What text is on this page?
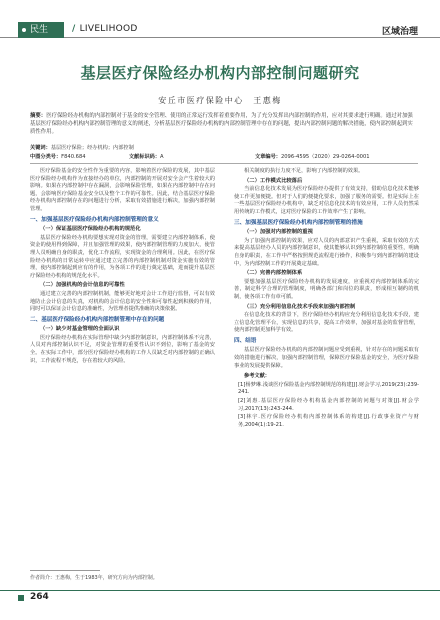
民生	/ LIVELIHOOD	区域治理
基层医疗保险经办机构内部控制问题研究
安丘市医疗保险中心　王惠梅
摘要：医疗保险经办机构的内部控制对于基金的安全管理、使用的正常运行发挥着重要作用，为了充分发挥出内部控制的作用，应对其要求进行明确。通过对加强基层医疗保险经办机构内部控制管理的意义的阐述，分析基层医疗保险经办机构的内部控制管理中存在的问题，提出内部控制问题的解决措施，使内部控制起到实质性作用。
关键词：基层医疗保险；经办机构；内部控制
中图分类号：F840.684	文献标识码：A	文章编号：2096-4595（2020）29-0264-0001

医疗保险基金的安全性作为重要的内容，影响着医疗保险的发展，其中基层医疗保险经办机构作为直接经办的单位，内部控制的开展对安全会产生着较大的影响。如果在内部控制中存在漏洞，会影响保险管理，如果在内部控制中存在问题，会影响医疗保险基金安全以及整个工作的可靠性。因此，结合基层医疗保险经办机构内部控制存在的问题进行分析，采取有效措施进行解决，加强内部控制管理。

一、加强基层医疗保险经办机构内部控制管理的意义
（一）保证基层医疗保险经办机构的规范化

基层医疗保险经办机构要想实现对资金的管理，需要建立内部控制体系，使资金的使用得到保障，并且加强管理的效果，使内部控制管理的力度加大，使管理人员明确自身的职责，优化工作流程，实现资金的合理利用。因此，在医疗保险经办机构的日常运转中应通过建立完善的内部控制机制对资金实施有效的管理，使内部控制起到应有的作用，为各项工作的进行奠定基础，进而提升基层医疗保险经办机构的规范化水平。

（二）加强机构的会计信息的可靠性

通过建立完善的内部控制机制，能够更好地对会计工作进行监督，可以有效地防止会计信息的失真，对机构的会计信息的安全性和可靠性起到积极的作用，同时可以保证会计信息的准确性，为管理者提供准确的决策依据。

二、基层医疗保险经办机构内部控制管理中存在的问题
（一）缺少对基金管理的全面认识

医疗保险经办机构在实际管理中缺少内部控制意识，内部控制体系不完善，人员对内部控制认识不足，对资金管理的重要性认识不到位，影响了基金的安全。在实际工作中，部分医疗保险经办机构的工作人员缺乏对内部控制的正确认识，工作流程不规范，存在着较大的风险。

相关制度的执行力度不足，影响了内部控制的效果。

（二）工作模式比较落后

当前信息化技术发展为医疗保险经办提供了有效支持，借助信息化技术能够使工作更加便捷。但对于人们的便捷化要求，加强了服务的需要。但是实际上在一些基层医疗保险经办机构中，缺乏对信息化技术的有效应用，工作人员仍然采用传统的工作模式，这对医疗保险的工作效率产生了影响。

三、加强基层医疗保险经办机构内部控制管理的措施
（一）加强对内部控制的重视

为了加强内部控制的效果，应对人员的内部意识产生重视，采取有效的方式来提高基层经办人员的内部控制意识，使其能够认识到内部控制的重要性，明确自身的职责，在工作中严格按照规范流程进行操作，积极参与到内部控制的建设中，为内部控制工作的开展奠定基础。

（二）完善内部控制体系

要想加强基层医疗保险经办机构的发展速度，应重视对内部控制体系的完善，制定科学合理的管理制度，明确各部门和岗位的职责，形成相互制约的机制，使各项工作有章可循。

（三）充分利用信息化技术手段来加强内部控制

在信息化技术的背景下，医疗保险经办机构应充分利用信息化技术手段，建立信息化管理平台，实现信息的共享，提高工作效率，加强对基金的监督管理，使内部控制更加科学有效。

四、结语

基层医疗保险经办机构的内部控制问题应受到重视，针对存在的问题采取有效的措施进行解决，加强内部控制管理，保障医疗保险基金的安全，为医疗保险事业的发展提供保障。

参考文献：

[1]杨梦琳.浅谈医疗保险基金内部控制规范的构建[J].财会学习,2019(23):239-241.

[2]刘惠.基层医疗保险经办机构基金内部控制的问题与对策[J].财会学习,2017(13):243-244.

[3]林宇.医疗保险经办机构内部控制体系的构建[J].行政事业资产与财务,2004(1):19-21.

作者简介：王惠梅，生于1983年，研究方向为内部控制。
264
